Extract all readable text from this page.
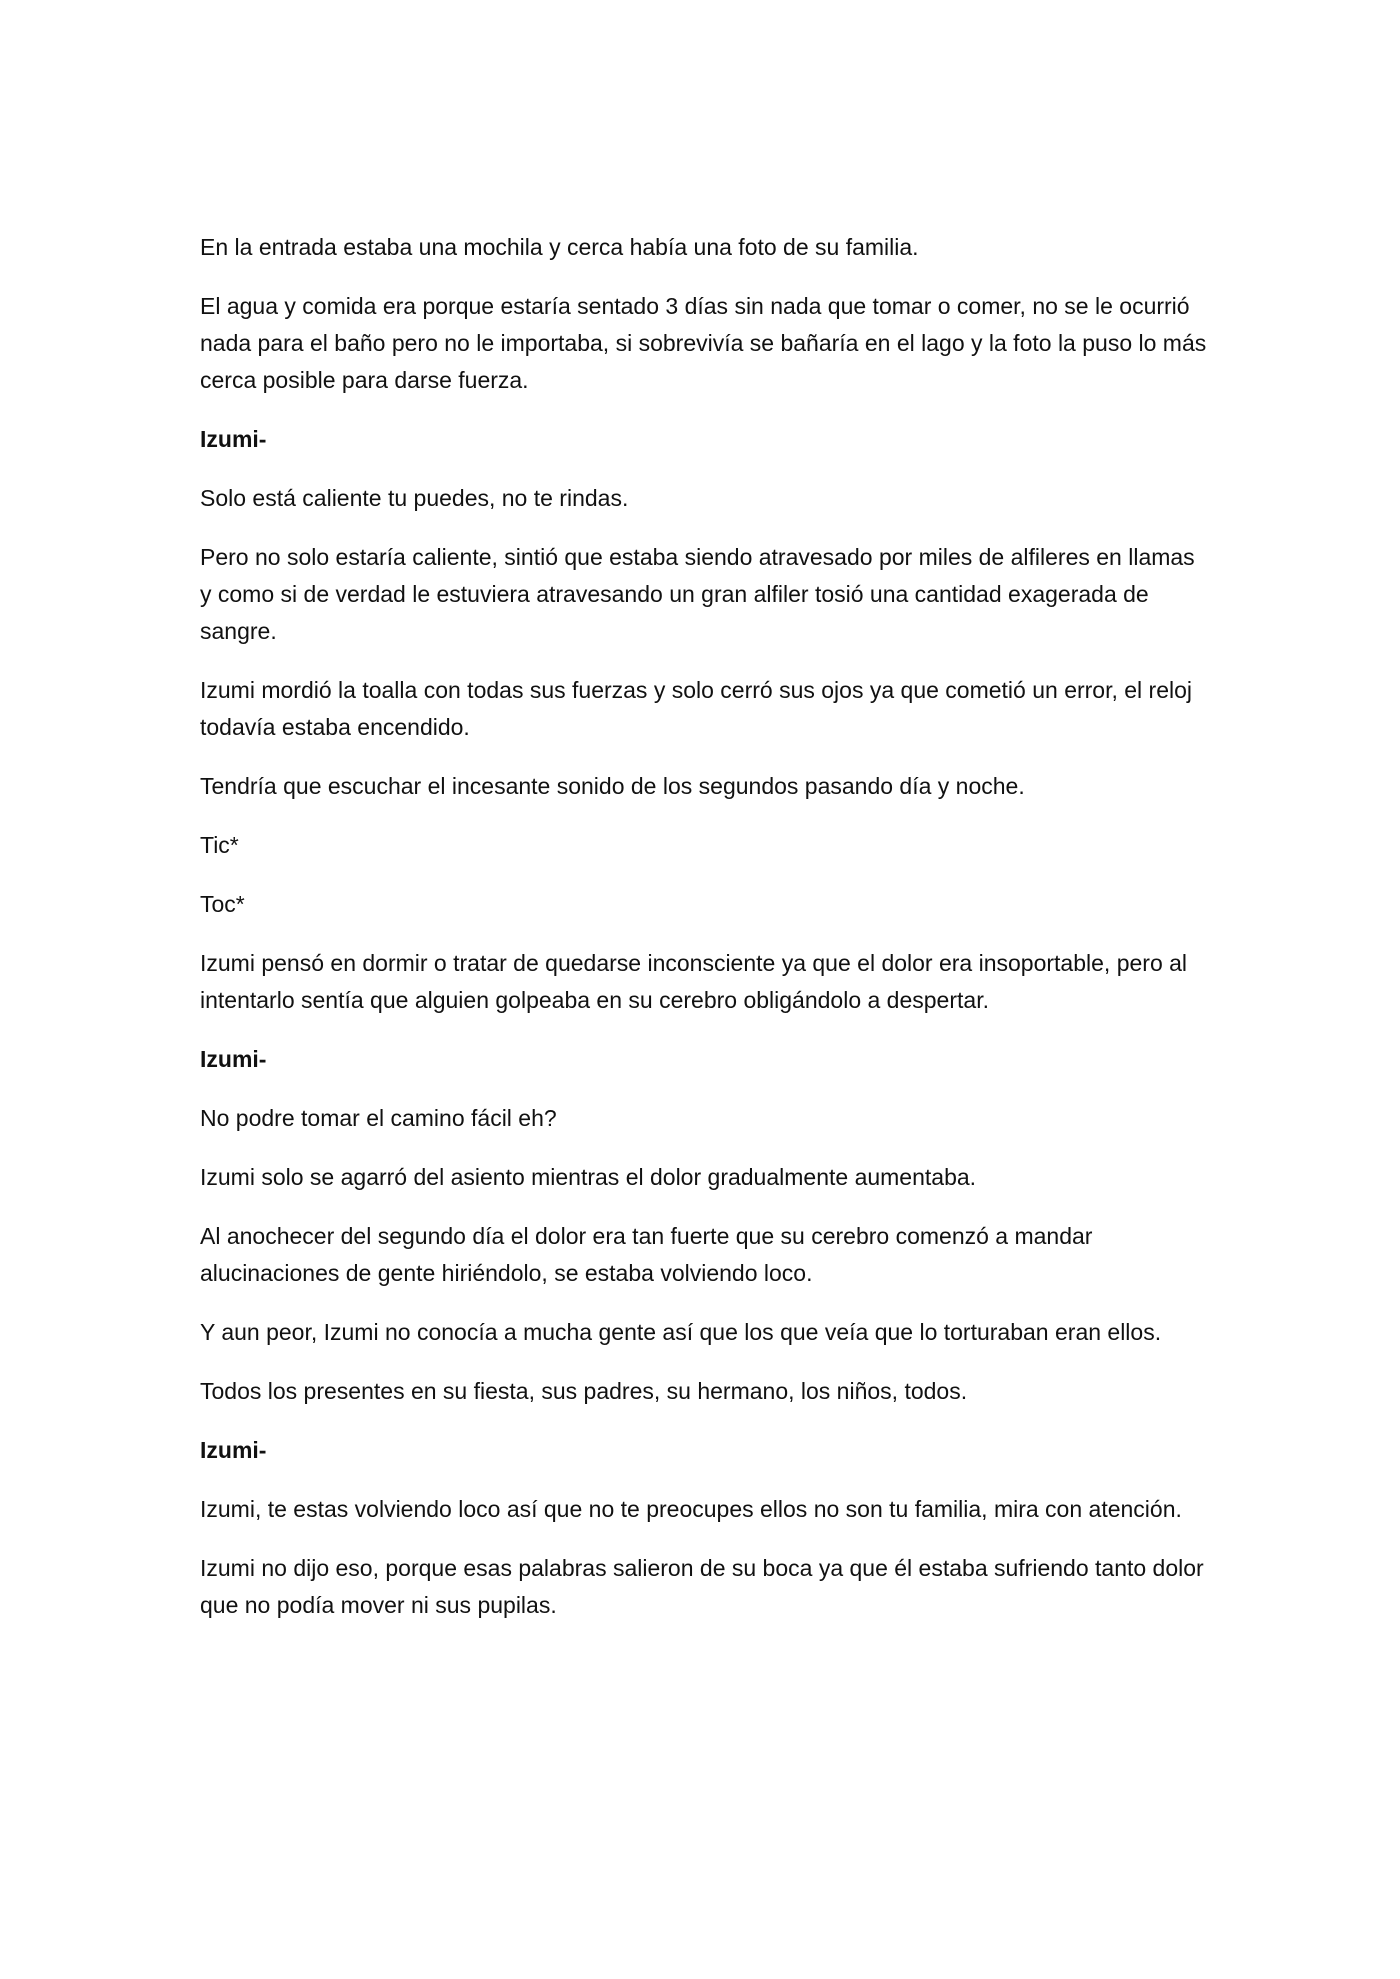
En la entrada estaba una mochila y cerca había una foto de su familia.

El agua y comida era porque estaría sentado 3 días sin nada que tomar o comer, no se le ocurrió nada para el baño pero no le importaba, si sobrevivía se bañaría en el lago y la foto la puso lo más cerca posible para darse fuerza.

Izumi-

Solo está caliente tu puedes, no te rindas.

Pero no solo estaría caliente, sintió que estaba siendo atravesado por miles de alfileres en llamas y como si de verdad le estuviera atravesando un gran alfiler tosió una cantidad exagerada de sangre.

Izumi mordió la toalla con todas sus fuerzas y solo cerró sus ojos ya que cometió un error, el reloj todavía estaba encendido.

Tendría que escuchar el incesante sonido de los segundos pasando día y noche.

Tic*

Toc*

Izumi pensó en dormir o tratar de quedarse inconsciente ya que el dolor era insoportable, pero al intentarlo sentía que alguien golpeaba en su cerebro obligándolo a despertar.

Izumi-

No podre tomar el camino fácil eh?

Izumi solo se agarró del asiento mientras el dolor gradualmente aumentaba.

Al anochecer del segundo día el dolor era tan fuerte que su cerebro comenzó a mandar alucinaciones de gente hiriéndolo, se estaba volviendo loco.

Y aun peor, Izumi no conocía a mucha gente así que los que veía que lo torturaban eran ellos.

Todos los presentes en su fiesta, sus padres, su hermano, los niños, todos.

Izumi-

Izumi, te estas volviendo loco así que no te preocupes ellos no son tu familia, mira con atención.

Izumi no dijo eso, porque esas palabras salieron de su boca ya que él estaba sufriendo tanto dolor que no podía mover ni sus pupilas.
